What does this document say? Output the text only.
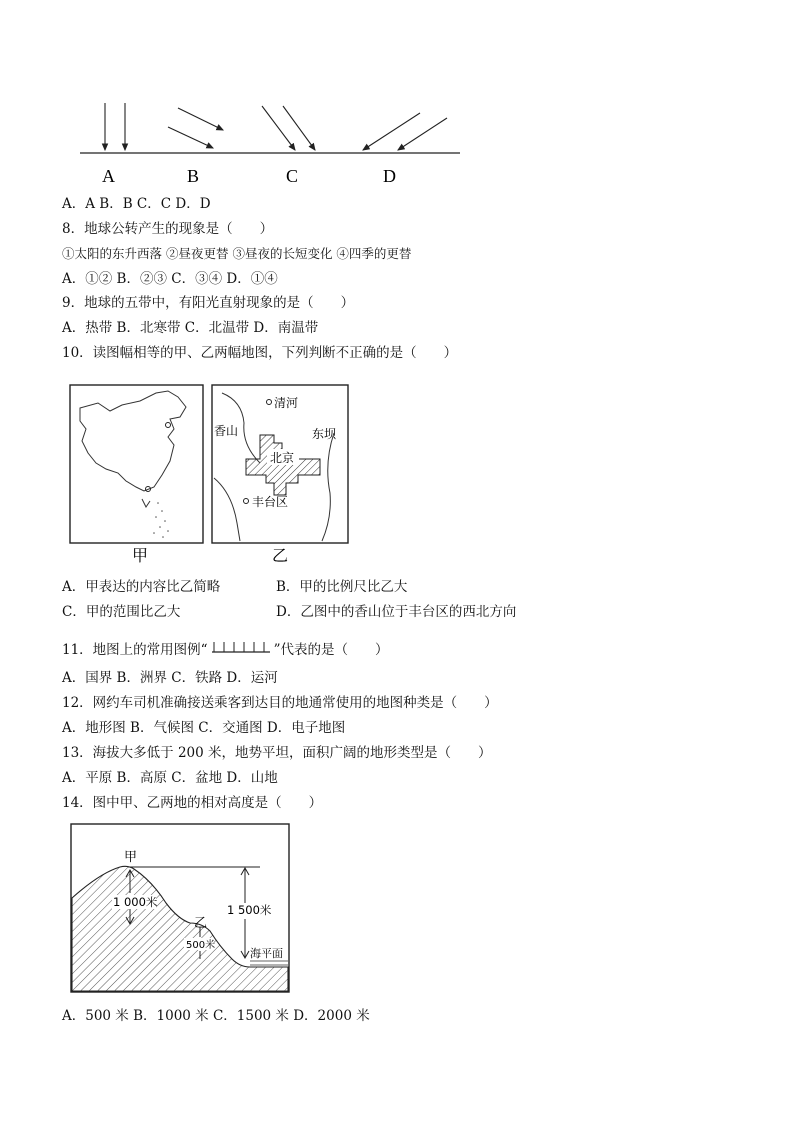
A	B	C	D
A．A B．B C．C D．D
8．地球公转产生的现象是（　　）
①太阳的东升西落 ②昼夜更替 ③昼夜的长短变化 ④四季的更替
A．①② B．②③ C．③④ D．①④
9．地球的五带中，有阳光直射现象的是（　　）
A．热带 B．北寒带 C．北温带 D．南温带
10．读图幅相等的甲、乙两幅地图，下列判断不正确的是（　　）
甲
清河
香山	东坝
北京
丰台区
乙
A．甲表达的内容比乙简略	B．甲的比例尺比乙大
C．甲的范围比乙大	D．乙图中的香山位于丰台区的西北方向
11．地图上的常用图例“	”代表的是（　　）
A．国界 B．洲界 C．铁路 D．运河
12．网约车司机准确接送乘客到达目的地通常使用的地图种类是（　　）
A．地形图 B．气候图 C．交通图 D．电子地图
13．海拔大多低于 200 米，地势平坦，面积广阔的地形类型是（　　）
A．平原 B．高原 C．盆地 D．山地
14．图中甲、乙两地的相对高度是（　　）
甲
乙
1 000米
1 500米
500米
海平面
A．500 米 B．1000 米 C．1500 米 D．2000 米
